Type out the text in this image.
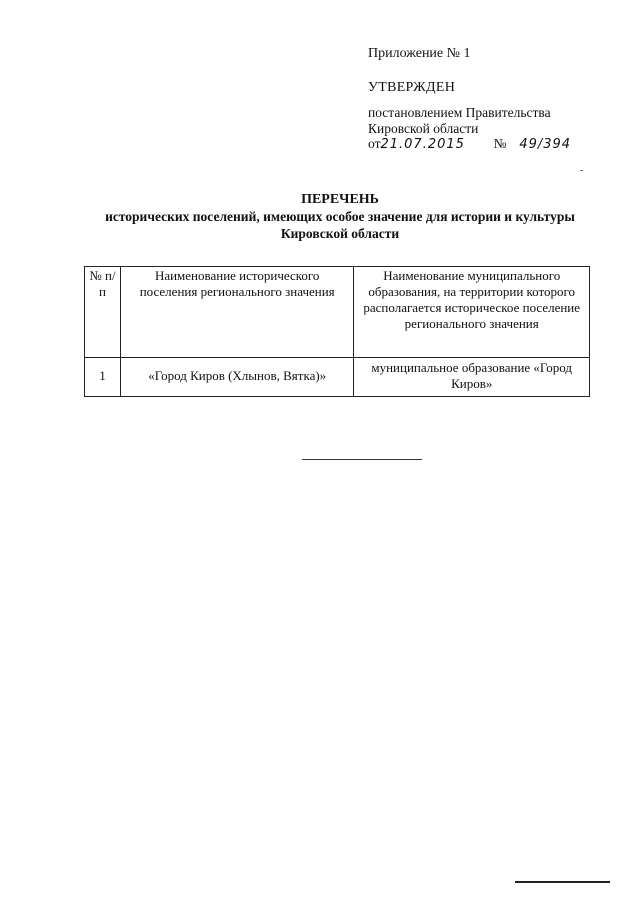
Приложение № 1
УТВЕРЖДЕН
постановлением Правительства
Кировской области
от21.07.2015 № 49/394
ПЕРЕЧЕНЬ
исторических поселений, имеющих особое значение для истории и культуры Кировской области
№ п/п	Наименование исторического поселения регионального значения	Наименование муниципального образования, на территории которого располагается историческое поселение регионального значения
1	«Город Киров (Хлынов, Вятка)»	муниципальное образование «Город Киров»
